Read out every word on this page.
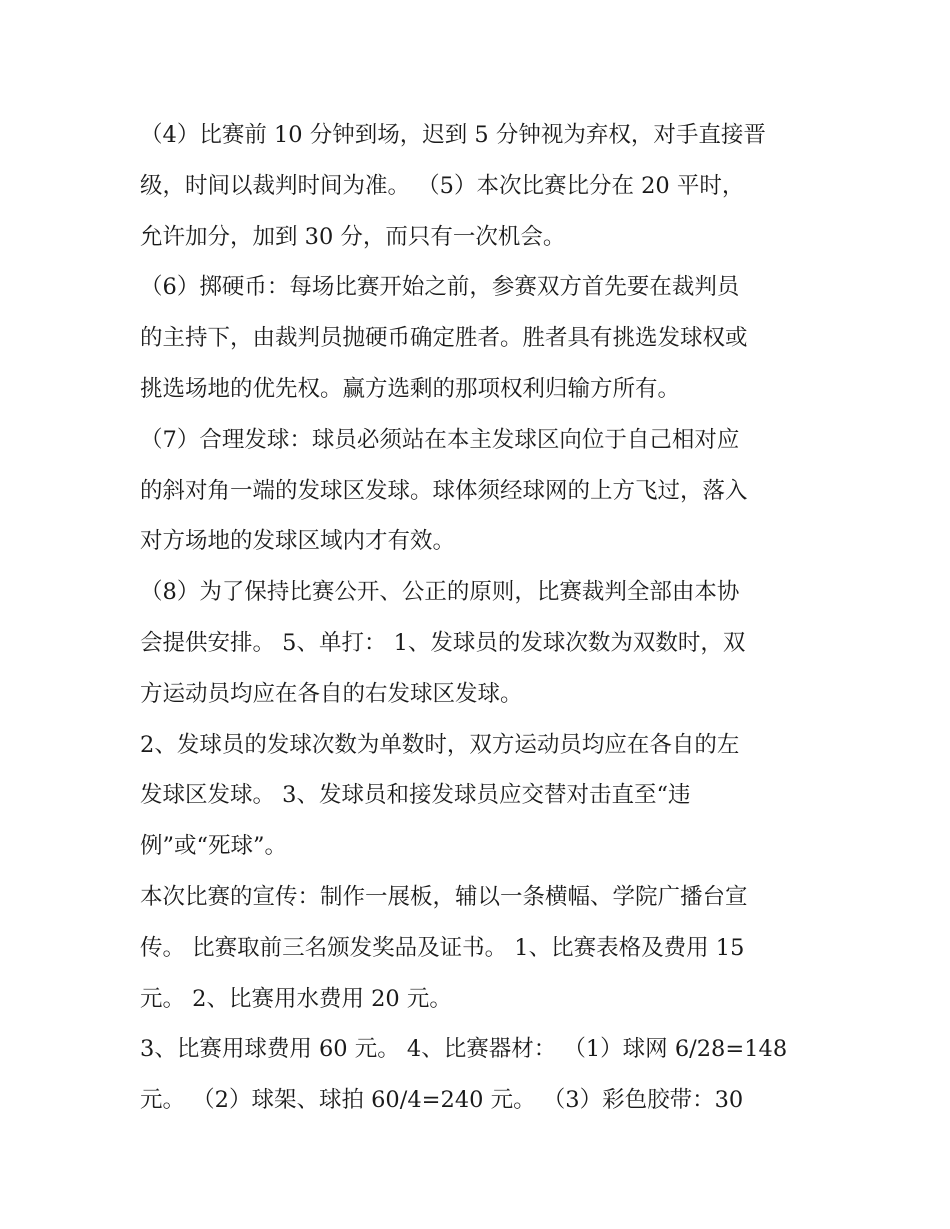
（4）比赛前 10 分钟到场，迟到 5 分钟视为弃权，对手直接晋
级，时间以裁判时间为准。 （5）本次比赛比分在 20 平时，
允许加分，加到 30 分，而只有一次机会。
（6）掷硬币：每场比赛开始之前，参赛双方首先要在裁判员
的主持下，由裁判员抛硬币确定胜者。胜者具有挑选发球权或
挑选场地的优先权。赢方选剩的那项权利归输方所有。
（7）合理发球：球员必须站在本主发球区向位于自己相对应
的斜对角一端的发球区发球。球体须经球网的上方飞过，落入
对方场地的发球区域内才有效。
（8）为了保持比赛公开、公正的原则，比赛裁判全部由本协
会提供安排。 5、单打： 1、发球员的发球次数为双数时，双
方运动员均应在各自的右发球区发球。
2、发球员的发球次数为单数时，双方运动员均应在各自的左
发球区发球。 3、发球员和接发球员应交替对击直至“违
例”或“死球”。
本次比赛的宣传：制作一展板，辅以一条横幅、学院广播台宣
传。 比赛取前三名颁发奖品及证书。 1、比赛表格及费用 15
元。 2、比赛用水费用 20 元。
3、比赛用球费用 60 元。 4、比赛器材： （1）球网 6/28=148
元。 （2）球架、球拍 60/4=240 元。 （3）彩色胶带：30
